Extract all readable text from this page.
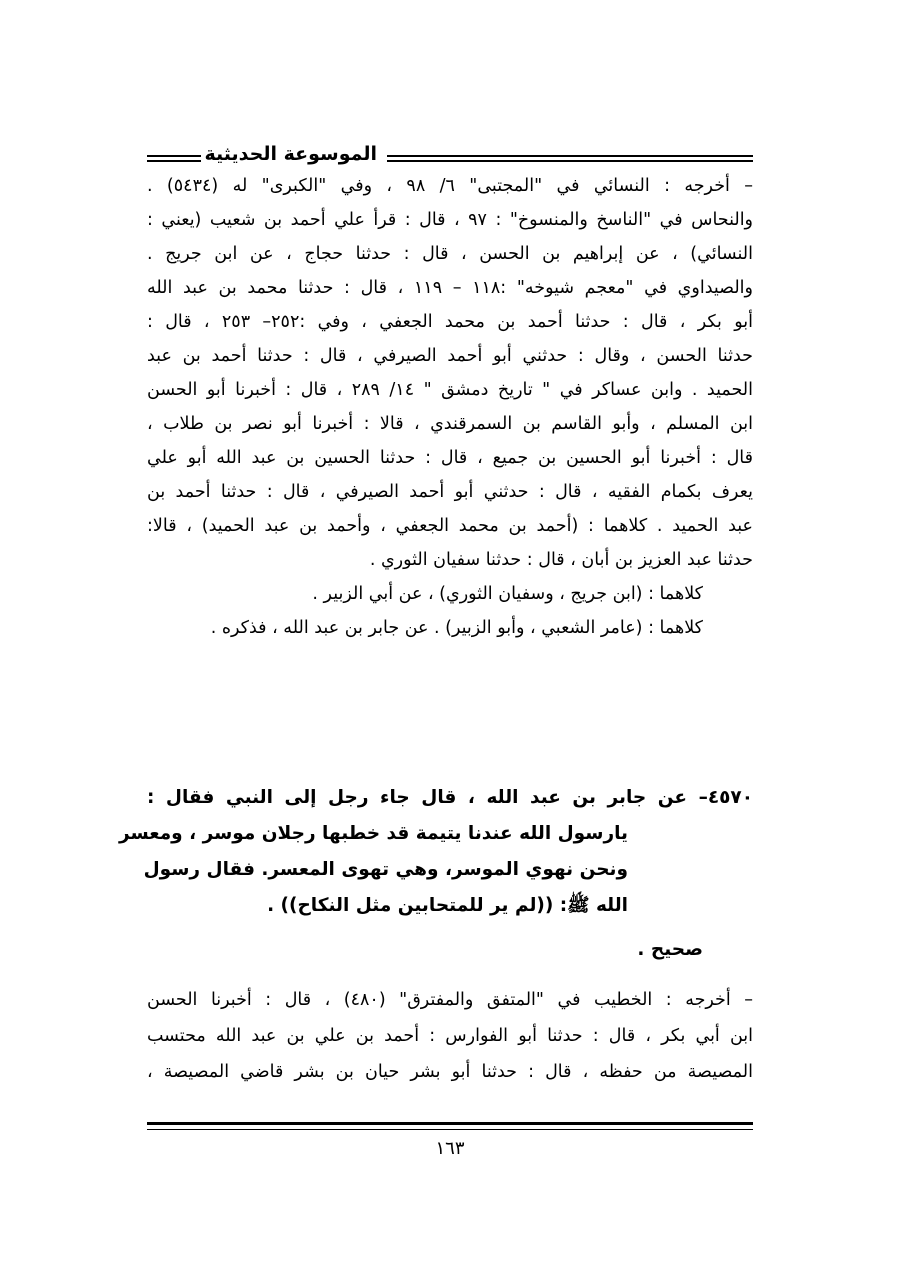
الموسوعة الحديثية
– أخرجه : النسائي في "المجتبى" ٦/ ٩٨ ، وفي "الكبرى" له (٥٤٣٤) .
والنحاس في "الناسخ والمنسوخ" : ٩٧ ، قال : قرأ علي أحمد بن شعيب (يعني :
النسائي) ، عن إبراهيم بن الحسن ، قال : حدثنا حجاج ، عن ابن جريج .
والصيداوي في "معجم شيوخه" :١١٨ – ١١٩ ، قال : حدثنا محمد بن عبد الله
أبو بكر ، قال : حدثنا أحمد بن محمد الجعفي ، وفي :٢٥٢– ٢٥٣ ، قال :
حدثنا الحسن ، وقال : حدثني أبو أحمد الصيرفي ، قال : حدثنا أحمد بن عبد
الحميد . وابن عساكر في " تاريخ دمشق " ١٤/ ٢٨٩ ، قال : أخبرنا أبو الحسن
ابن المسلم ، وأبو القاسم بن السمرقندي ، قالا : أخبرنا أبو نصر بن طلاب ،
قال : أخبرنا أبو الحسين بن جميع ، قال : حدثنا الحسين بن عبد الله أبو علي
يعرف بكمام الفقيه ، قال : حدثني أبو أحمد الصيرفي ، قال : حدثنا أحمد بن
عبد الحميد . كلاهما : (أحمد بن محمد الجعفي ، وأحمد بن عبد الحميد) ، قالا:
حدثنا عبد العزيز بن أبان ، قال : حدثنا سفيان الثوري .
كلاهما : (ابن جريج ، وسفيان الثوري) ، عن أبي الزبير .
كلاهما : (عامر الشعبي ، وأبو الزبير) . عن جابر بن عبد الله ، فذكره .
٤٥٧٠– عن جابر بن عبد الله ، قال جاء رجل إلى النبي فقال :
يارسول الله عندنا يتيمة قد خطبها رجلان موسر ، ومعسر
ونحن نهوي الموسر، وهي تهوى المعسر. فقال رسول
الله ﷺ: ((لم ير للمتحابين مثل النكاح)) .
صحيح .
– أخرجه : الخطيب في "المتفق والمفترق" (٤٨٠) ، قال : أخبرنا الحسن
ابن أبي بكر ، قال : حدثنا أبو الفوارس : أحمد بن علي بن عبد الله محتسب
المصيصة من حفظه ، قال : حدثنا أبو بشر حيان بن بشر قاضي المصيصة ،
١٦٣
